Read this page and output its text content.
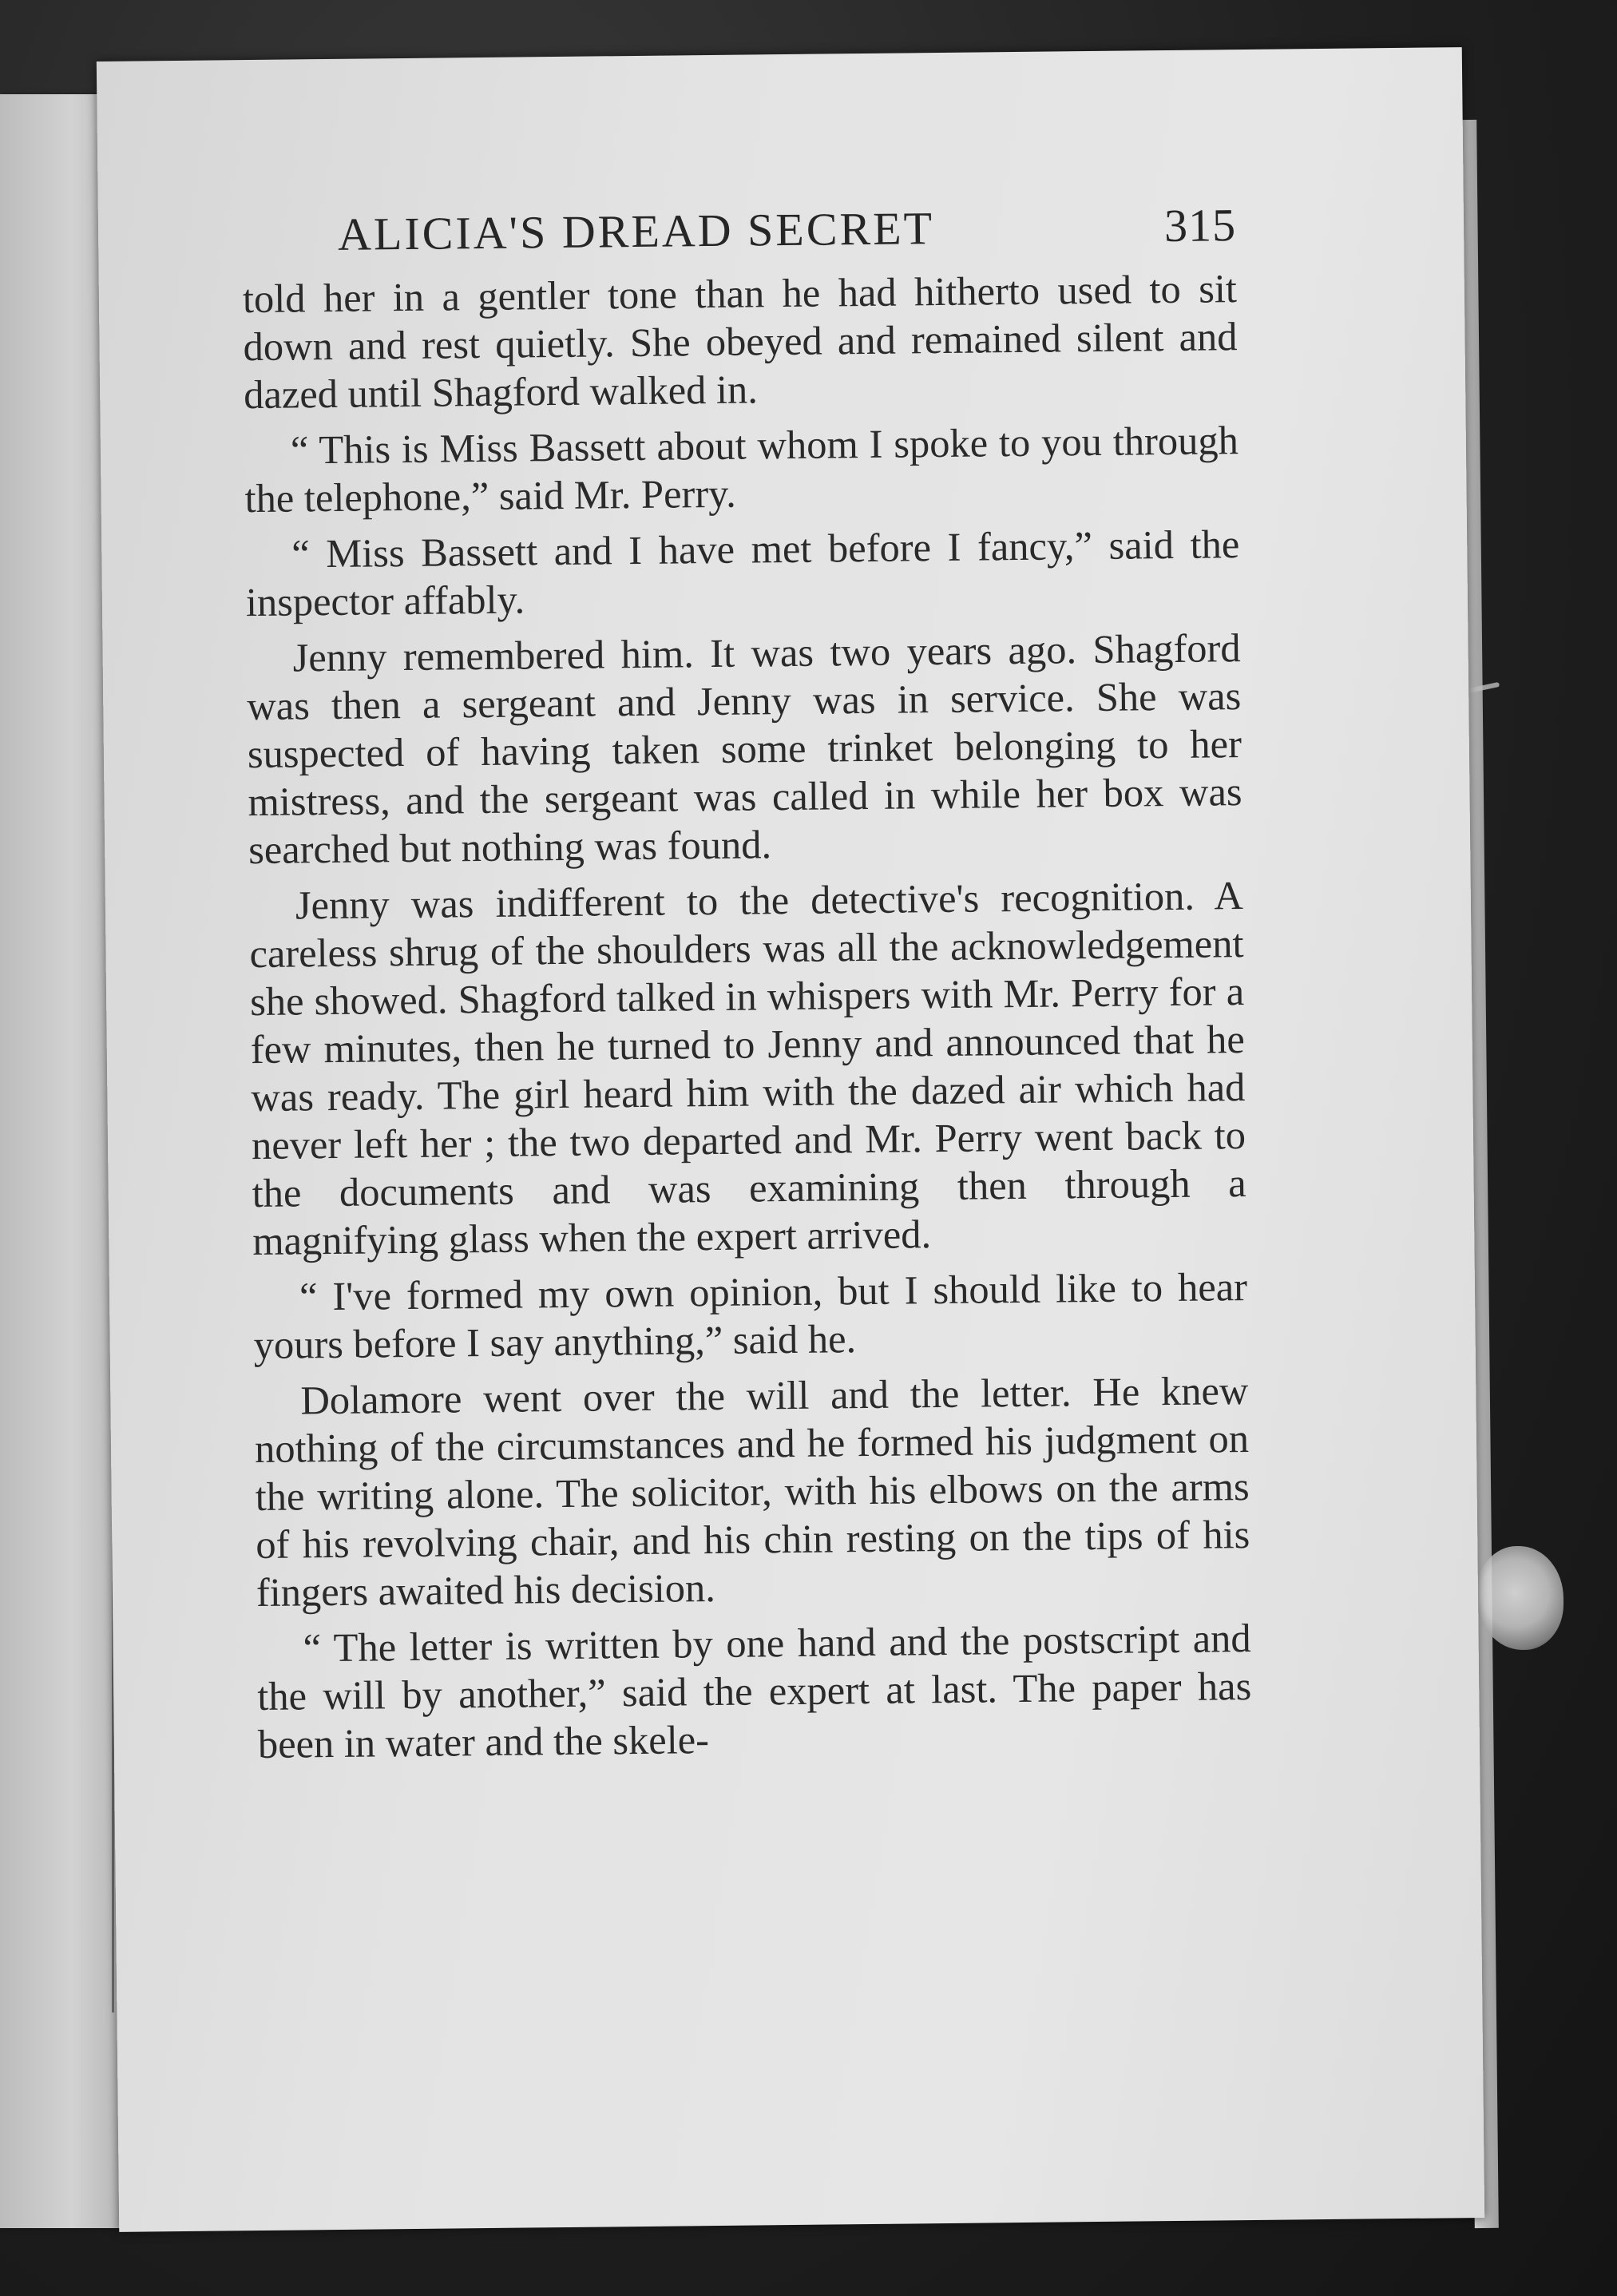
ALICIA'S DREAD SECRET	315

told her in a gentler tone than he had hitherto used to sit down and rest quietly. She obeyed and remained silent and dazed until Shagford walked in.

“ This is Miss Bassett about whom I spoke to you through the telephone,” said Mr. Perry.

“ Miss Bassett and I have met before I fancy,” said the inspector affably.

Jenny remembered him. It was two years ago. Shagford was then a sergeant and Jenny was in service. She was suspected of having taken some trinket belonging to her mistress, and the sergeant was called in while her box was searched but nothing was found.

Jenny was indifferent to the detective's recognition. A careless shrug of the shoulders was all the acknowledgement she showed. Shagford talked in whispers with Mr. Perry for a few minutes, then he turned to Jenny and announced that he was ready. The girl heard him with the dazed air which had never left her ; the two departed and Mr. Perry went back to the documents and was examining then through a magnifying glass when the expert arrived.

“ I've formed my own opinion, but I should like to hear yours before I say anything,” said he.

Dolamore went over the will and the letter. He knew nothing of the circumstances and he formed his judgment on the writing alone. The solicitor, with his elbows on the arms of his revolving chair, and his chin resting on the tips of his fingers awaited his decision.

“ The letter is written by one hand and the postscript and the will by another,” said the expert at last. The paper has been in water and the skele-
